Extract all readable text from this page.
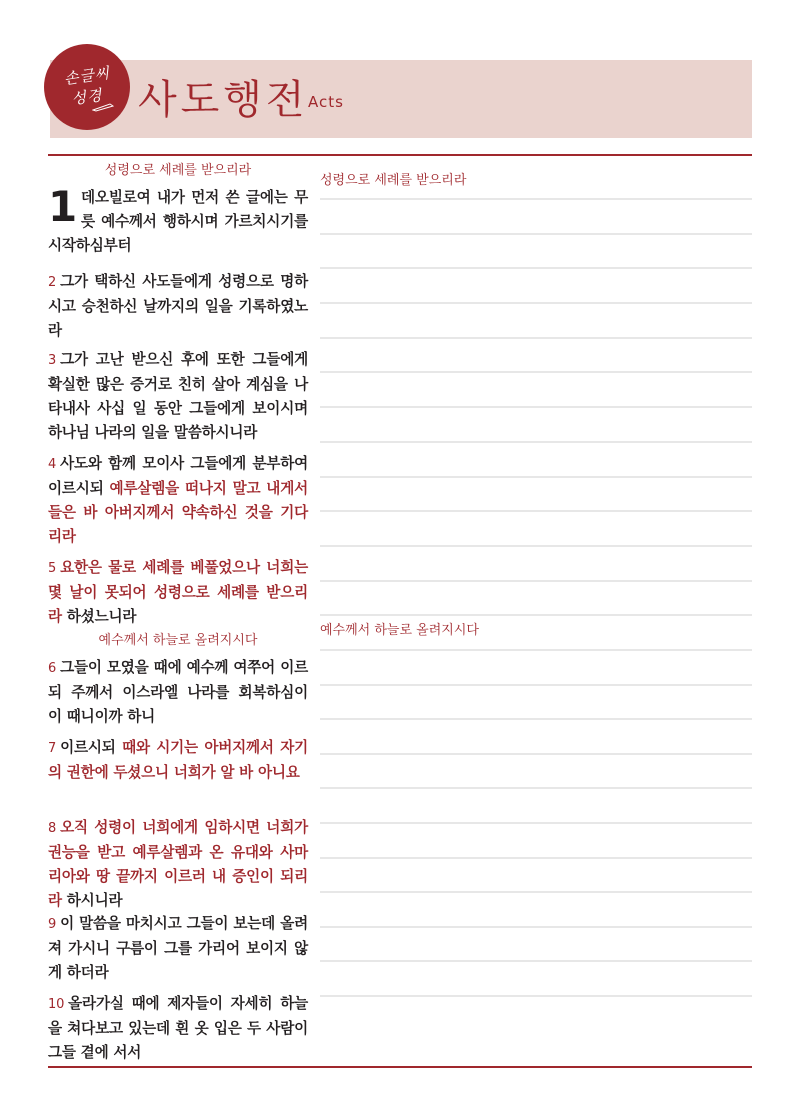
손글씨
성경 사도행전 Acts
성령으로 세례를 받으리라
1 데오빌로여 내가 먼저 쓴 글에는 무릇 예수께서 행하시며 가르치시기를 시작하심부터
2 그가 택하신 사도들에게 성령으로 명하시고 승천하신 날까지의 일을 기록하였노라
3 그가 고난 받으신 후에 또한 그들에게 확실한 많은 증거로 친히 살아 계심을 나타내사 사십 일 동안 그들에게 보이시며 하나님 나라의 일을 말씀하시니라
4 사도와 함께 모이사 그들에게 분부하여 이르시되 예루살렘을 떠나지 말고 내게서 들은 바 아버지께서 약속하신 것을 기다리라
5 요한은 물로 세례를 베풀었으나 너희는 몇 날이 못되어 성령으로 세례를 받으리라 하셨느니라
예수께서 하늘로 올려지시다
6 그들이 모였을 때에 예수께 여쭈어 이르되 주께서 이스라엘 나라를 회복하심이 이 때니이까 하니
7 이르시되 때와 시기는 아버지께서 자기의 권한에 두셨으니 너희가 알 바 아니요
8 오직 성령이 너희에게 임하시면 너희가 권능을 받고 예루살렘과 온 유대와 사마리아와 땅 끝까지 이르러 내 증인이 되리라 하시니라
9 이 말씀을 마치시고 그들이 보는데 올려져 가시니 구름이 그를 가리어 보이지 않게 하더라
10 올라가실 때에 제자들이 자세히 하늘을 쳐다보고 있는데 흰 옷 입은 두 사람이 그들 곁에 서서
성령으로 세례를 받으리라
예수께서 하늘로 올려지시다
